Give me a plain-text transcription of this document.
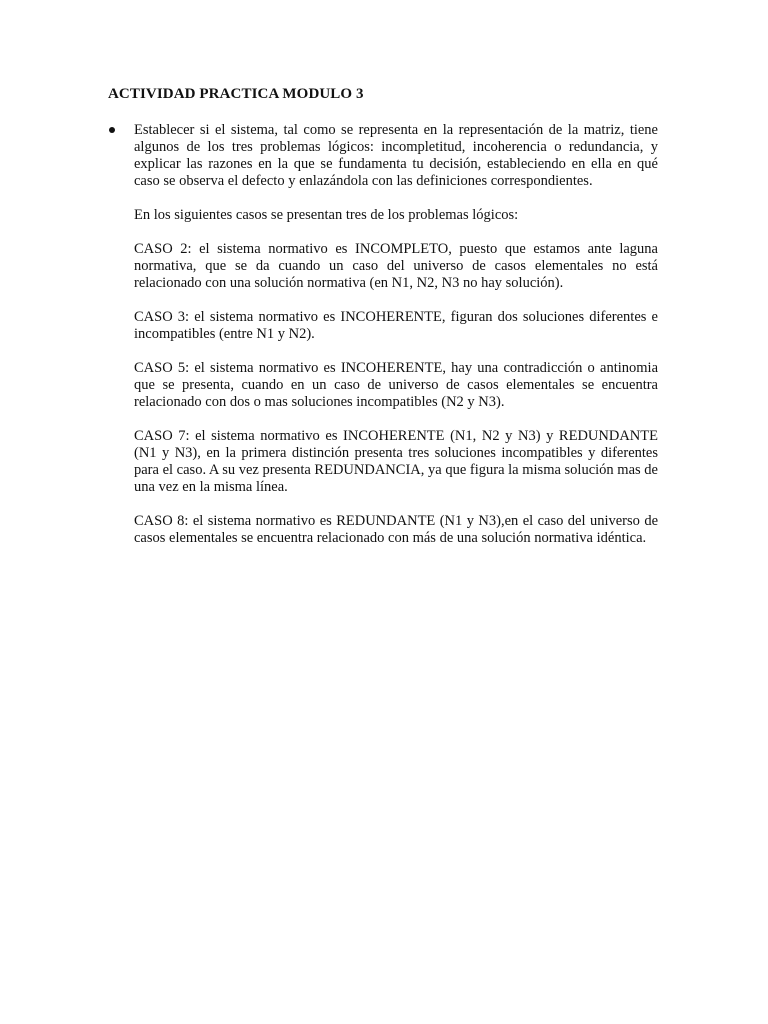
ACTIVIDAD PRACTICA MODULO 3

Establecer si el sistema, tal como se representa en la representación de la matriz, tiene algunos de los tres problemas lógicos: incompletitud, incoherencia o redundancia, y explicar las razones en la que se fundamenta tu decisión, estableciendo en ella en qué caso se observa el defecto y enlazándola con las definiciones correspondientes.

En los siguientes casos se presentan tres de los problemas lógicos:

CASO 2: el sistema normativo es INCOMPLETO, puesto que estamos ante laguna normativa, que se da cuando un caso del universo de casos elementales no está relacionado con una solución normativa (en N1, N2, N3 no hay solución).

CASO 3: el sistema normativo es INCOHERENTE, figuran dos soluciones diferentes e incompatibles (entre N1 y N2).

CASO 5: el sistema normativo es INCOHERENTE, hay una contradicción o antinomia que se presenta, cuando en un caso de universo de casos elementales se encuentra relacionado con dos o mas soluciones incompatibles (N2 y N3).

CASO 7: el sistema normativo es INCOHERENTE (N1, N2 y N3) y REDUNDANTE (N1 y N3), en la primera distinción presenta tres soluciones incompatibles y diferentes para el caso. A su vez presenta REDUNDANCIA, ya que figura la misma solución mas de una vez en la misma línea.

CASO 8: el sistema normativo es REDUNDANTE (N1 y N3),en el caso del universo de casos elementales se encuentra relacionado con más de una solución normativa idéntica.
